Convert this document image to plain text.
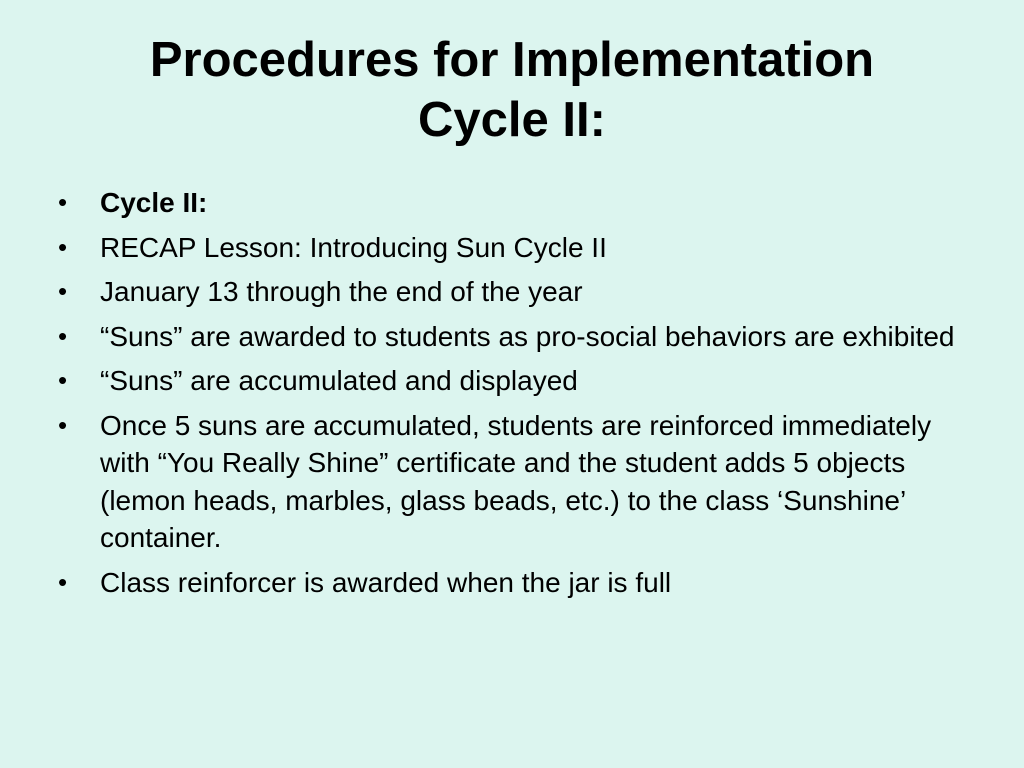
Procedures for Implementation
Cycle II:
• Cycle II:
• RECAP Lesson: Introducing Sun Cycle II
• January 13 through the end of the year
• “Suns” are awarded to students as pro-social behaviors are exhibited
• “Suns” are accumulated and displayed
• Once 5 suns are accumulated, students are reinforced immediately with “You Really Shine” certificate and the student adds 5 objects (lemon heads, marbles, glass beads, etc.) to the class ‘Sunshine’ container.
• Class reinforcer is awarded when the jar is full
